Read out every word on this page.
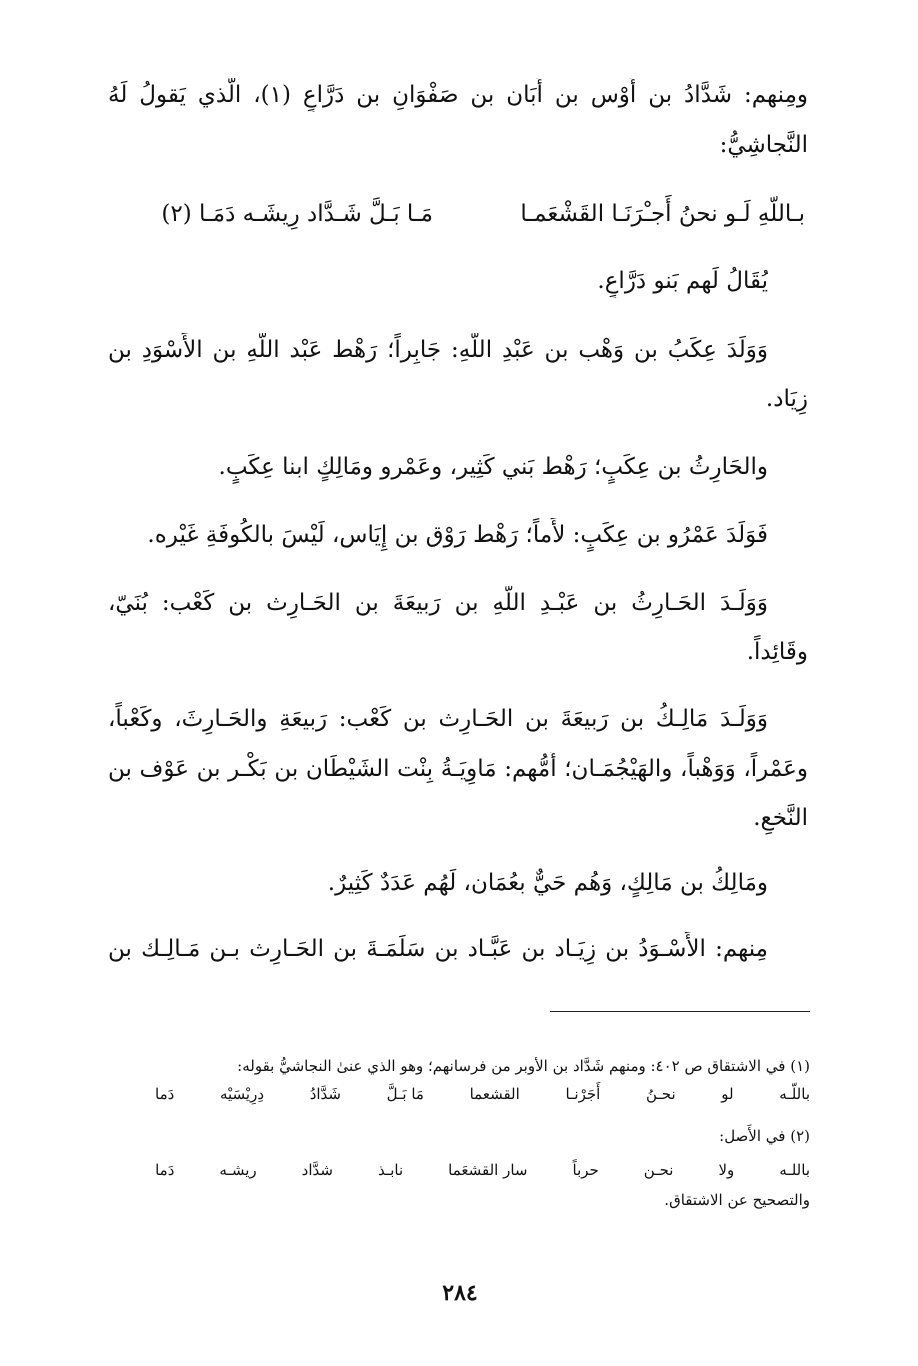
ومِنهم: شَدَّادُ بن أَوْس بن أَبَان بن صَفْوَانِ بن دَرَّاعٍ (١)، الَّذي يَقولُ لَهُ
النَّجاشِيُّ:
بـاللّهِ لَـو نحنُ أَجـْرَنَـا القَشْعَمـا
مَـا بَـلَّ شَـدَّاد رِيشَـه دَمَـا (٢)
يُقَالُ لَهم بَنو دَرَّاعٍ.
وَوَلَدَ عِكَبُ بن وَهْب بن عَبْدِ اللَّهِ: جَابِراً؛ رَهْط عَبْد اللّهِ بن الأَسْوَدِ بن
زِيَاد.
والحَارِثُ بن عِكَبٍ؛ رَهْط بَني كَثِير، وعَمْرو ومَالِكٍ ابنا عِكَبٍ.
فَوَلَدَ عَمْرُو بن عِكَبٍ: لأَماً؛ رَهْط رَوْق بن إِيَاس، لَيْسَ بالكُوفَةِ غَيْره.
وَوَلَـدَ الحَـارِثُ بن عَبْـدِ اللَّهِ بن رَبيعَةَ بن الحَـارِث بن كَعْب: بُنَيّ،
وقَائِداً.
وَوَلَـدَ مَالِـكُ بن رَبيعَةَ بن الحَـارِث بن كَعْب: رَبيعَةِ والحَـارِثَ، وكَعْباً،
وعَمْراً، وَوَهْباً، والهَيْجُمَـان؛ أُمُّهم: مَاوِيَـةُ بِنْت الشَيْطَان بن بَكْـر بن عَوْف بن
النَّخعِ.
ومَالِكُ بن مَالِكٍ، وَهُم حَيٌّ بعُمَان، لَهُم عَدَدٌ كَثِيرٌ.
مِنهم: الأَسْـوَدُ بن زِيَـاد بن عَبَّـاد بن سَلَمَـةَ بن الحَـارِث بـن مَـالِـك بن
(١) في الاشتقاق ص ٤٠٢: ومنهم شَدَّاد بن الأوبر من فرسانهم؛ وهو الذي عنىٰ النجاشيُّ بقوله:
باللّـه
لو
نحـنُ
أَجَرْنـا
القشعما
مَا بَـلَّ
شَدَّادُ
دِرِيْسَيْه
دَما
(٢) في الأَصل:
باللـه
ولا
نحـن
حرباً
سار القشعَما
نابـذ
شدَّاد
ريشـه
دَما
والتصحيح عن الاشتقاق.
٢٨٤
